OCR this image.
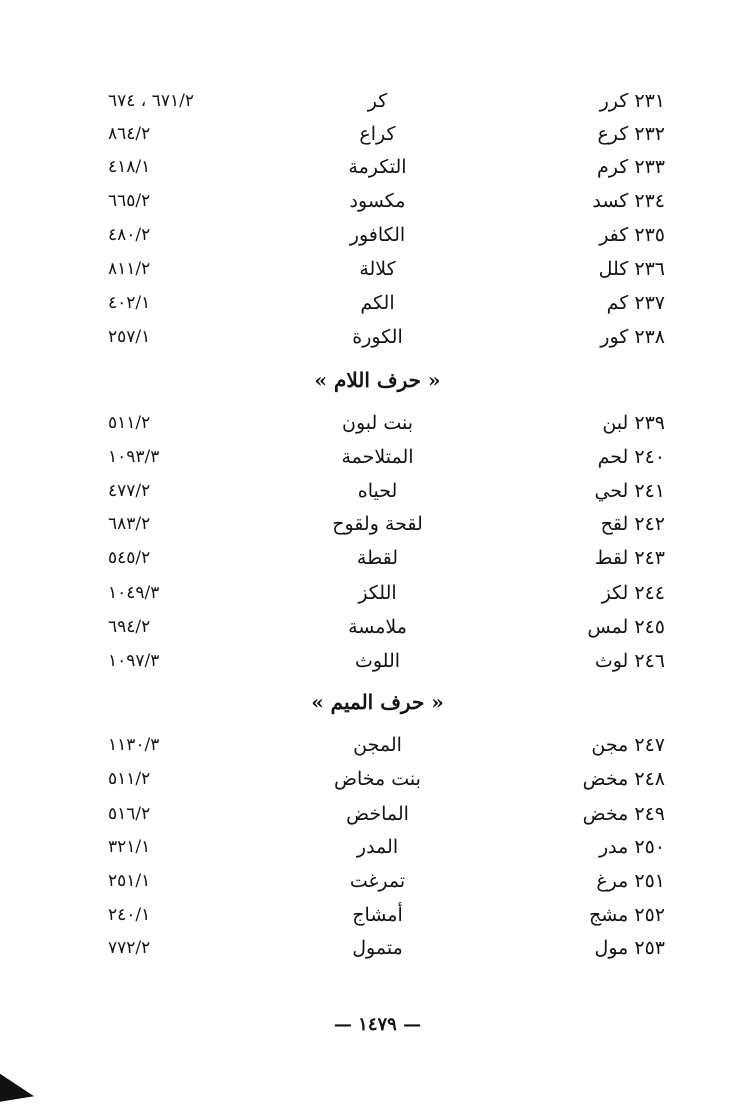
٦٧١/٢ ، ٦٧٤	كر	٢٣١ كرر
٨٦٤/٢	كراع	٢٣٢ كرع
٤١٨/١	التكرمة	٢٣٣ كرم
٦٦٥/٢	مكسود	٢٣٤ كسد
٤٨٠/٢	الكافور	٢٣٥ كفر
٨١١/٢	كلالة	٢٣٦ كلل
٤٠٢/١	الكم	٢٣٧ كم
٢٥٧/١	الكورة	٢٣٨ كور
« حرف اللام »
٥١١/٢	بنت لبون	٢٣٩ لبن
١٠٩٣/٣	المتلاحمة	٢٤٠ لحم
٤٧٧/٢	لحياه	٢٤١ لحي
٦٨٣/٢	لقحة ولقوح	٢٤٢ لقح
٥٤٥/٢	لقطة	٢٤٣ لقط
١٠٤٩/٣	اللكز	٢٤٤ لكز
٦٩٤/٢	ملامسة	٢٤٥ لمس
١٠٩٧/٣	اللوث	٢٤٦ لوث
« حرف الميم »
١١٣٠/٣	المجن	٢٤٧ مجن
٥١١/٢	بنت مخاض	٢٤٨ مخض
٥١٦/٢	الماخض	٢٤٩ مخض
٣٢١/١	المدر	٢٥٠ مدر
٢٥١/١	تمرغت	٢٥١ مرغ
٢٤٠/١	أمشاج	٢٥٢ مشج
٧٧٢/٢	متمول	٢٥٣ مول
— ١٤٧٩ —
